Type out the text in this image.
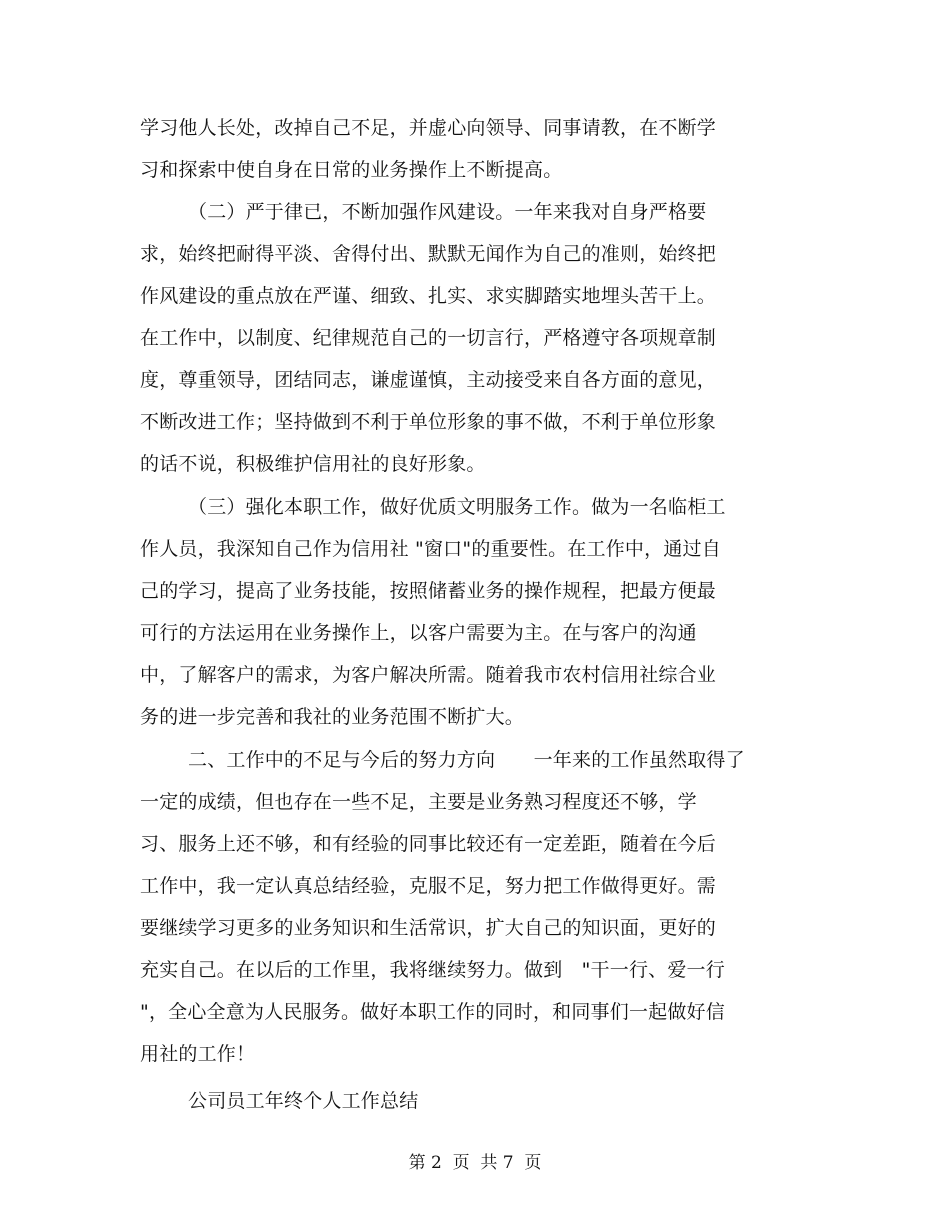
学习他人长处，改掉自己不足，并虚心向领导、同事请教，在不断学
习和探索中使自身在日常的业务操作上不断提高。
（二）严于律已，不断加强作风建设。一年来我对自身严格要
求，始终把耐得平淡、舍得付出、默默无闻作为自己的准则，始终把
作风建设的重点放在严谨、细致、扎实、求实脚踏实地埋头苦干上。
在工作中，以制度、纪律规范自己的一切言行，严格遵守各项规章制
度，尊重领导，团结同志，谦虚谨慎，主动接受来自各方面的意见，
不断改进工作；坚持做到不利于单位形象的事不做，不利于单位形象
的话不说，积极维护信用社的良好形象。
（三）强化本职工作，做好优质文明服务工作。做为一名临柜工
作人员，我深知自己作为信用社 "窗口"的重要性。在工作中，通过自
己的学习，提高了业务技能，按照储蓄业务的操作规程，把最方便最
可行的方法运用在业务操作上，以客户需要为主。在与客户的沟通
中，了解客户的需求，为客户解决所需。随着我市农村信用社综合业
务的进一步完善和我社的业务范围不断扩大。
二、工作中的不足与今后的努力方向　　一年来的工作虽然取得了
一定的成绩，但也存在一些不足，主要是业务熟习程度还不够，学
习、服务上还不够，和有经验的同事比较还有一定差距，随着在今后
工作中，我一定认真总结经验，克服不足，努力把工作做得更好。需
要继续学习更多的业务知识和生活常识，扩大自己的知识面，更好的
充实自己。在以后的工作里，我将继续努力。做到　"干一行、爱一行
"，全心全意为人民服务。做好本职工作的同时，和同事们一起做好信
用社的工作！
公司员工年终个人工作总结
第 2  页  共 7  页
